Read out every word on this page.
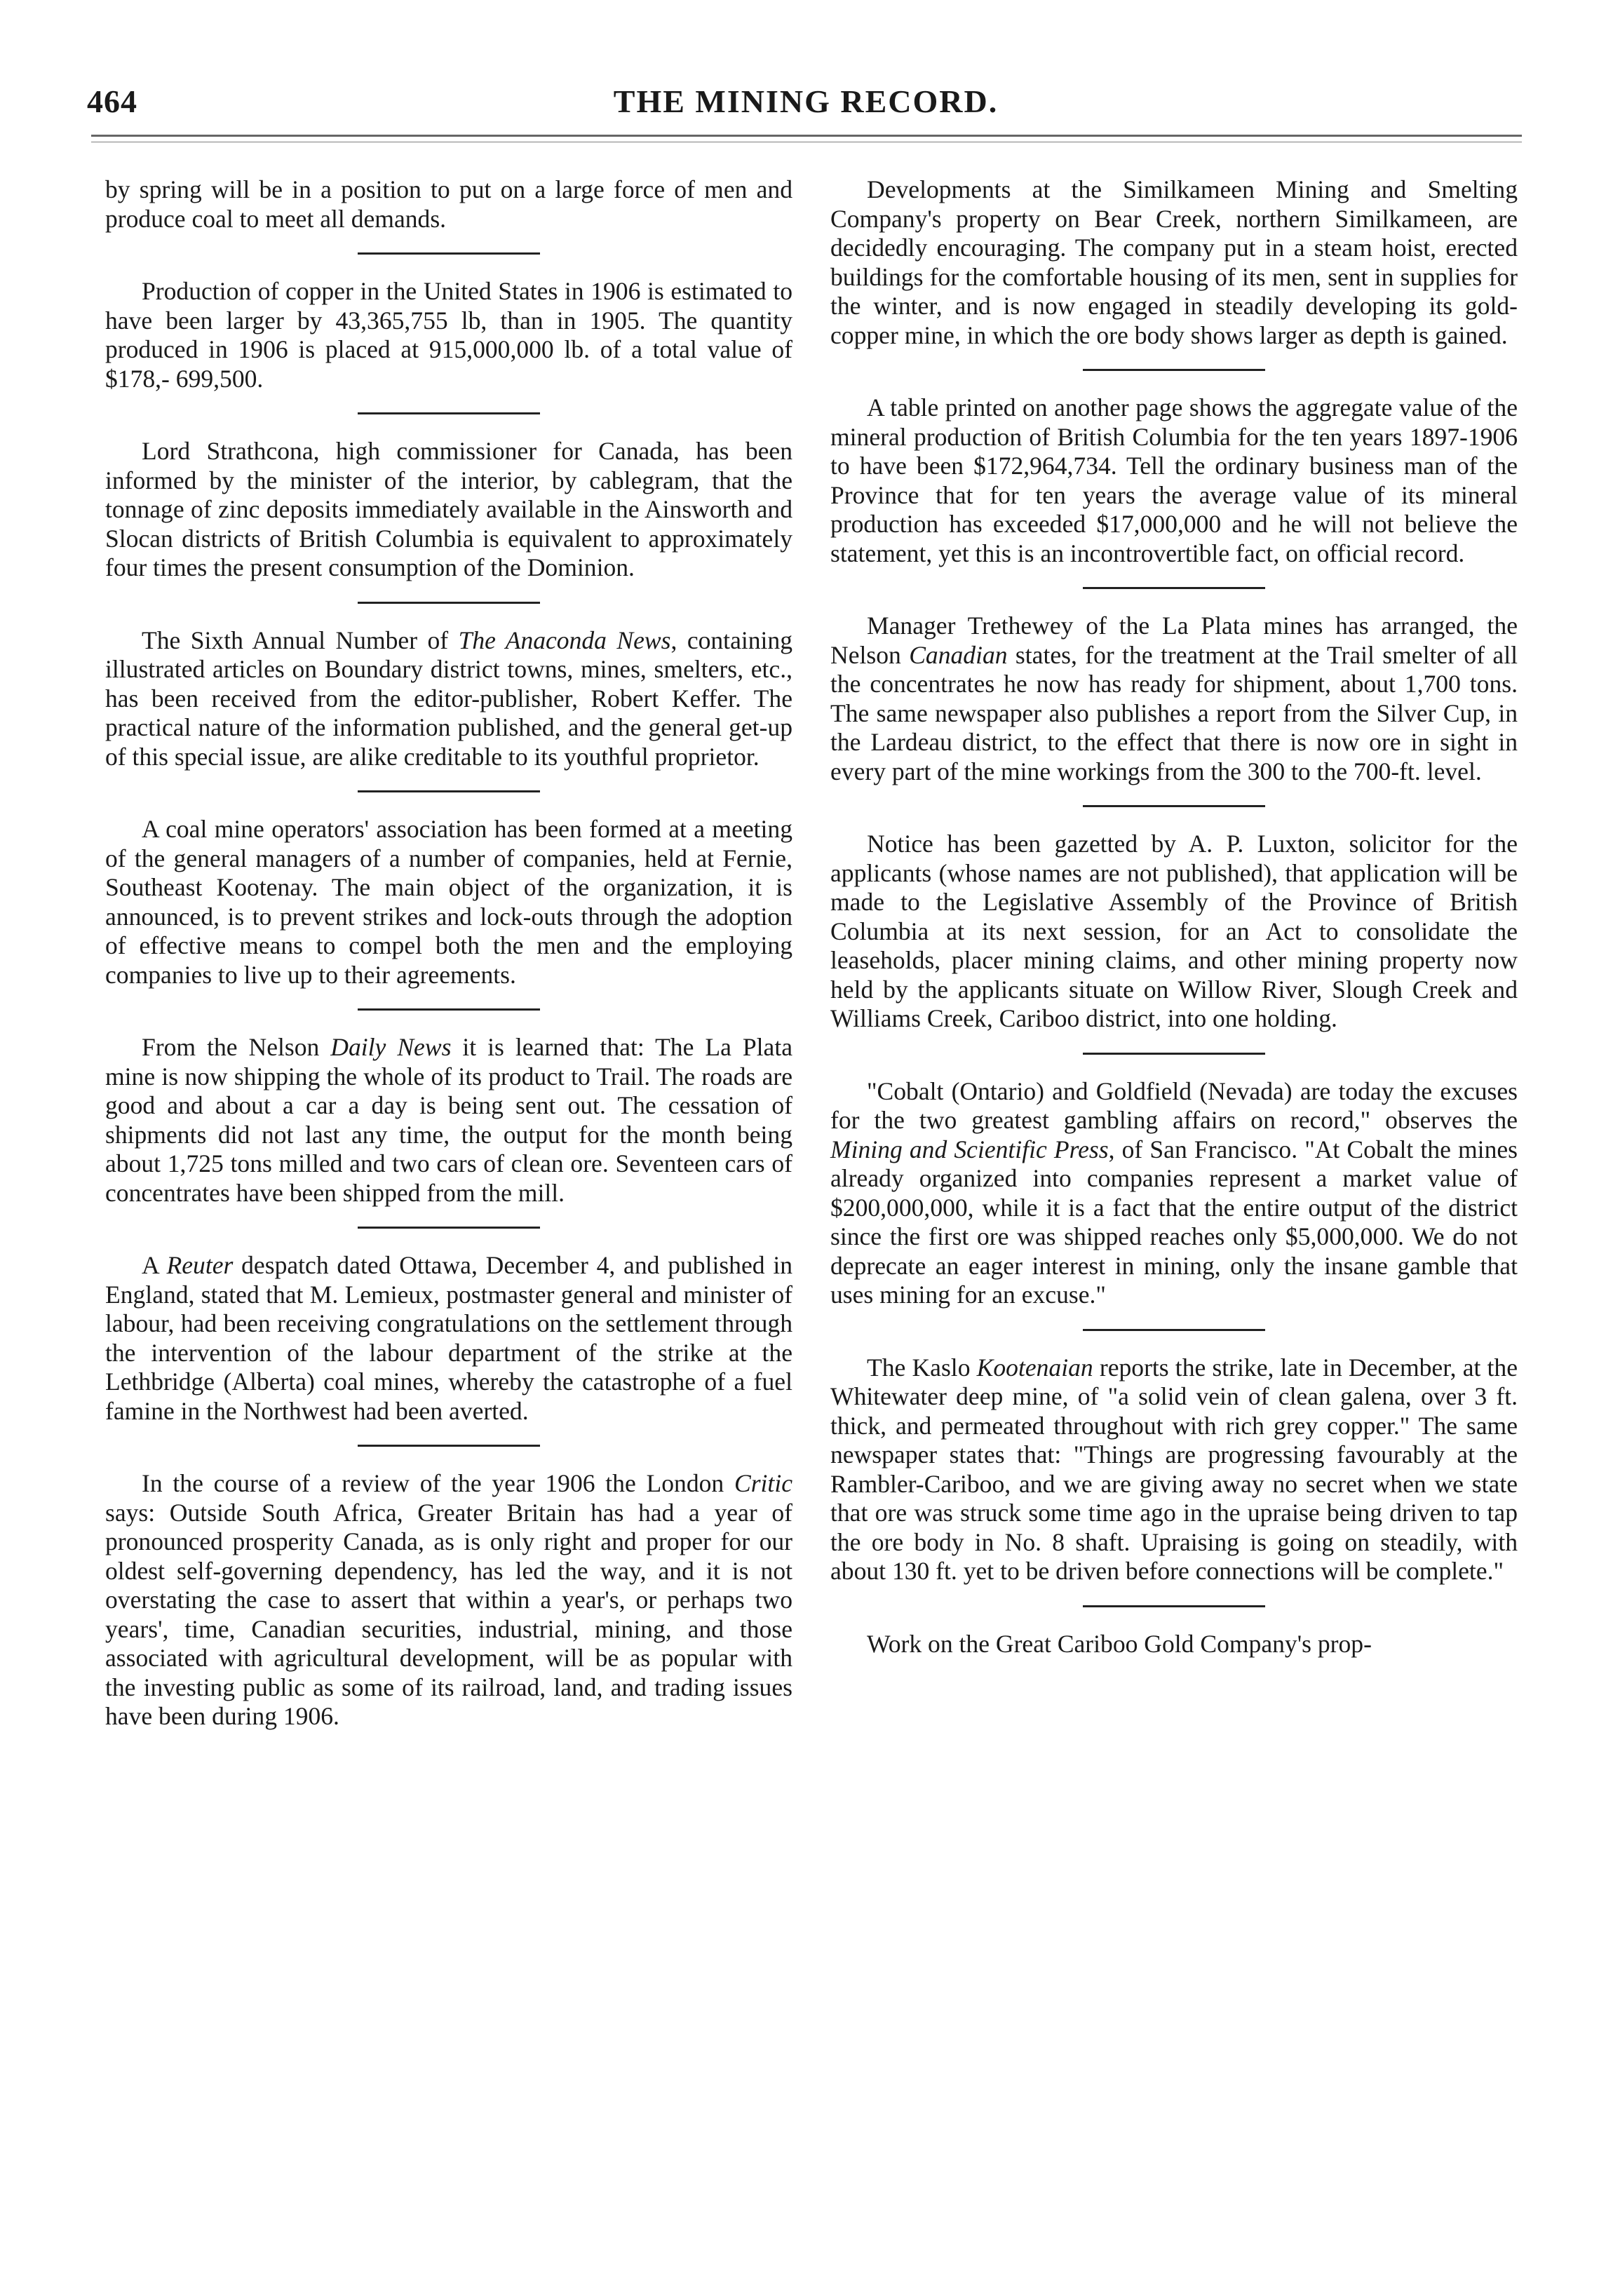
464	THE MINING RECORD.

by spring will be in a position to put on a large force of men and produce coal to meet all demands.

Production of copper in the United States in 1906 is estimated to have been larger by 43,365,755 lb, than in 1905. The quantity produced in 1906 is placed at 915,000,000 lb. of a total value of $178,- 699,500.

Lord Strathcona, high commissioner for Canada, has been informed by the minister of the interior, by cablegram, that the tonnage of zinc deposits immediately available in the Ainsworth and Slocan districts of British Columbia is equivalent to approximately four times the present consumption of the Dominion.

The Sixth Annual Number of The Anaconda News, containing illustrated articles on Boundary district towns, mines, smelters, etc., has been received from the editor-publisher, Robert Keffer. The practical nature of the information published, and the general get-up of this special issue, are alike creditable to its youthful proprietor.

A coal mine operators' association has been formed at a meeting of the general managers of a number of companies, held at Fernie, Southeast Kootenay. The main object of the organization, it is announced, is to prevent strikes and lock-outs through the adoption of effective means to compel both the men and the employing companies to live up to their agreements.

From the Nelson Daily News it is learned that: The La Plata mine is now shipping the whole of its product to Trail. The roads are good and about a car a day is being sent out. The cessation of shipments did not last any time, the output for the month being about 1,725 tons milled and two cars of clean ore. Seventeen cars of concentrates have been shipped from the mill.

A Reuter despatch dated Ottawa, December 4, and published in England, stated that M. Lemieux, postmaster general and minister of labour, had been receiving congratulations on the settlement through the intervention of the labour department of the strike at the Lethbridge (Alberta) coal mines, whereby the catastrophe of a fuel famine in the Northwest had been averted.

In the course of a review of the year 1906 the London Critic says: Outside South Africa, Greater Britain has had a year of pronounced prosperity Canada, as is only right and proper for our oldest self-governing dependency, has led the way, and it is not overstating the case to assert that within a year's, or perhaps two years', time, Canadian securities, industrial, mining, and those associated with agricultural development, will be as popular with the investing public as some of its railroad, land, and trading issues have been during 1906.

Developments at the Similkameen Mining and Smelting Company's property on Bear Creek, northern Similkameen, are decidedly encouraging. The company put in a steam hoist, erected buildings for the comfortable housing of its men, sent in supplies for the winter, and is now engaged in steadily developing its gold-copper mine, in which the ore body shows larger as depth is gained.

A table printed on another page shows the aggregate value of the mineral production of British Columbia for the ten years 1897-1906 to have been $172,964,734. Tell the ordinary business man of the Province that for ten years the average value of its mineral production has exceeded $17,000,000 and he will not believe the statement, yet this is an incontrovertible fact, on official record.

Manager Trethewey of the La Plata mines has arranged, the Nelson Canadian states, for the treatment at the Trail smelter of all the concentrates he now has ready for shipment, about 1,700 tons. The same newspaper also publishes a report from the Silver Cup, in the Lardeau district, to the effect that there is now ore in sight in every part of the mine workings from the 300 to the 700-ft. level.

Notice has been gazetted by A. P. Luxton, solicitor for the applicants (whose names are not published), that application will be made to the Legislative Assembly of the Province of British Columbia at its next session, for an Act to consolidate the leaseholds, placer mining claims, and other mining property now held by the applicants situate on Willow River, Slough Creek and Williams Creek, Cariboo district, into one holding.

"Cobalt (Ontario) and Goldfield (Nevada) are today the excuses for the two greatest gambling affairs on record," observes the Mining and Scientific Press, of San Francisco. "At Cobalt the mines already organized into companies represent a market value of $200,000,000, while it is a fact that the entire output of the district since the first ore was shipped reaches only $5,000,000. We do not deprecate an eager interest in mining, only the insane gamble that uses mining for an excuse."

The Kaslo Kootenaian reports the strike, late in December, at the Whitewater deep mine, of "a solid vein of clean galena, over 3 ft. thick, and permeated throughout with rich grey copper." The same newspaper states that: "Things are progressing favourably at the Rambler-Cariboo, and we are giving away no secret when we state that ore was struck some time ago in the upraise being driven to tap the ore body in No. 8 shaft. Upraising is going on steadily, with about 130 ft. yet to be driven before connections will be complete."

Work on the Great Cariboo Gold Company's prop-
